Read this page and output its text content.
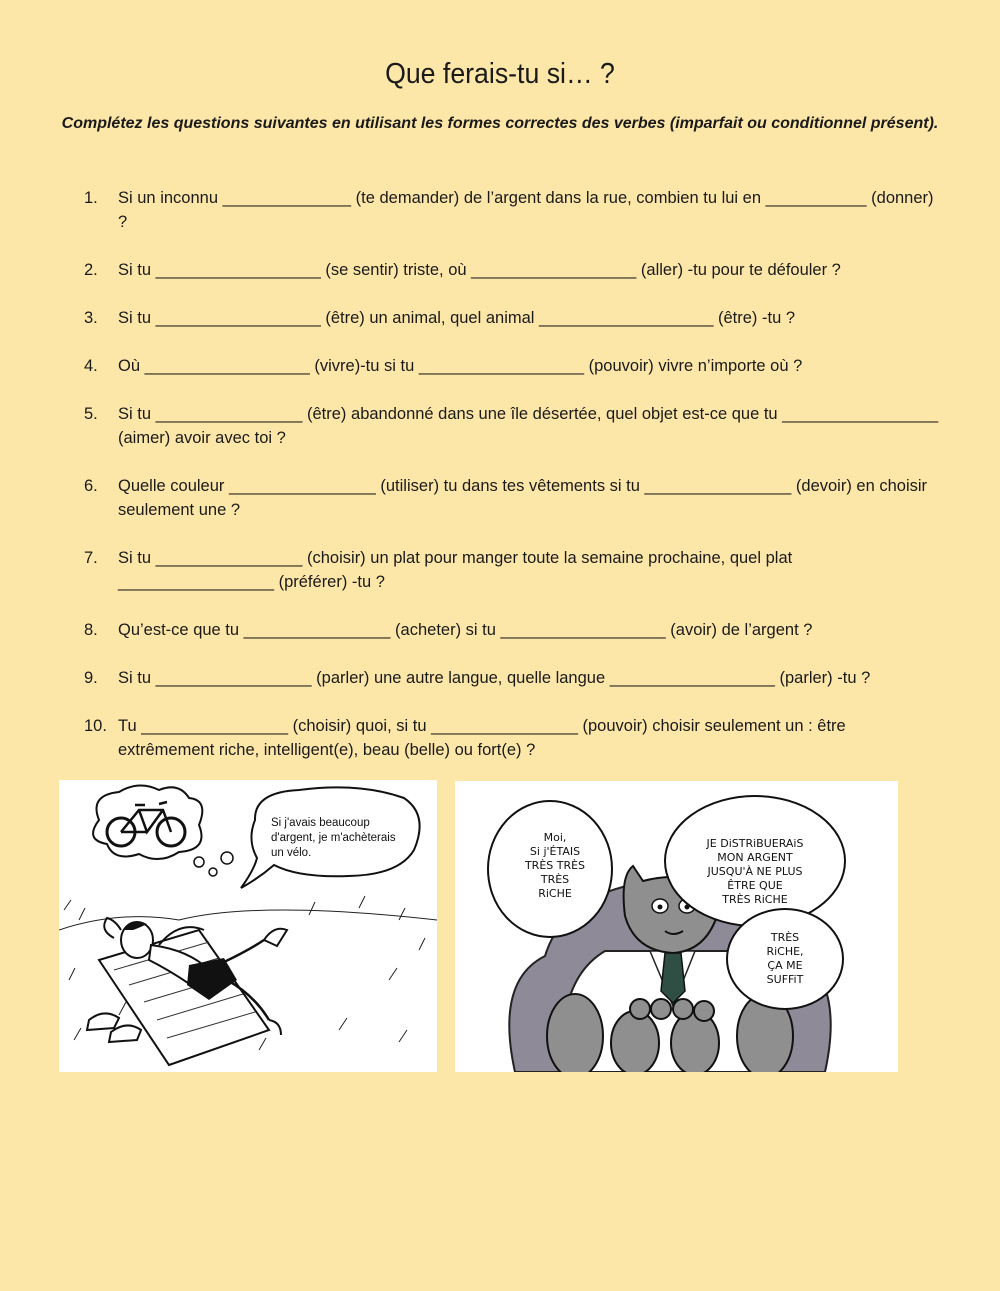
Que ferais-tu si… ?
Complétez les questions suivantes en utilisant les formes correctes des verbes (imparfait ou conditionnel présent).
1. Si un inconnu ______________ (te demander) de l’argent dans la rue, combien tu lui en ___________ (donner) ?
2. Si tu __________________ (se sentir) triste, où __________________ (aller) -tu pour te défouler ?
3. Si tu __________________ (être) un animal, quel animal ___________________ (être) -tu ?
4. Où __________________ (vivre)-tu si tu __________________ (pouvoir) vivre n’importe où ?
5. Si tu ________________ (être) abandonné dans une île désertée, quel objet est-ce que tu _________________ (aimer) avoir avec toi ?
6. Quelle couleur ________________ (utiliser) tu dans tes vêtements si tu ________________ (devoir) en choisir seulement une ?
7. Si tu ________________ (choisir) un plat pour manger toute la semaine prochaine, quel plat _________________ (préférer) -tu ?
8. Qu’est-ce que tu ________________ (acheter) si tu __________________ (avoir) de l’argent ?
9. Si tu _________________ (parler) une autre langue, quelle langue __________________ (parler) -tu ?
10. Tu ________________ (choisir) quoi, si tu ________________ (pouvoir) choisir seulement un : être extrêmement riche, intelligent(e), beau (belle) ou fort(e) ?
Si j'avais beaucoup
d'argent, je m'achèterais
un vélo.
Moi,
Si j'ÉTAIS
TRÈS TRÈS
TRÈS
RiCHE
JE DiSTRiBUERAiS
MON ARGENT
JUSQU'À NE PLUS
ÊTRE QUE
TRÈS RiCHE
TRÈS
RiCHE,
ÇA ME
SUFFiT
